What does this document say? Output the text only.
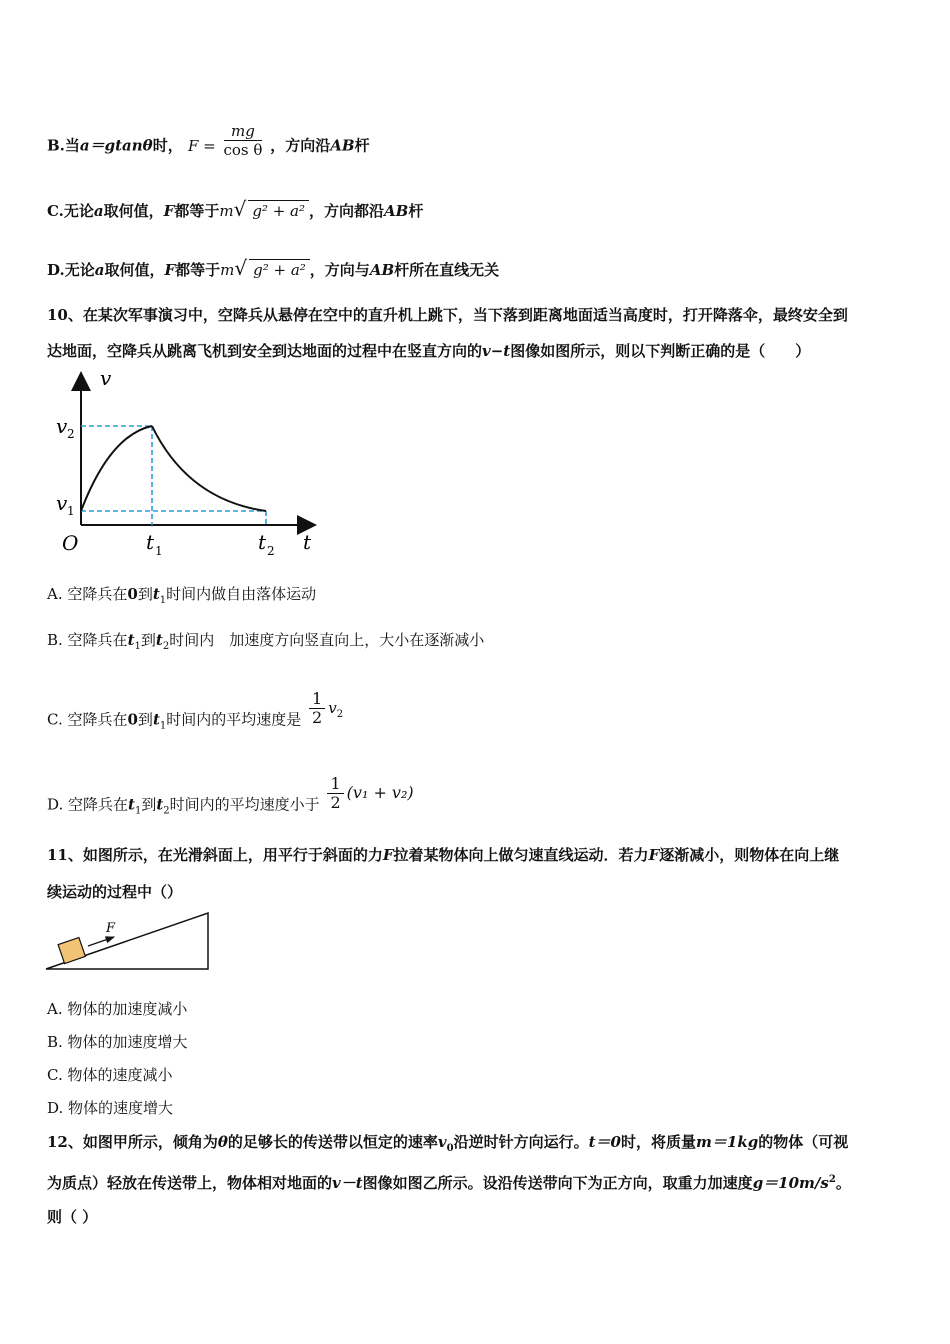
B.当a＝gtanθ时， $F = \frac{mg}{\text{cos θ}}$ ，方向沿AB杆
C.无论a取何值，F都等于m√ g² + a² ，方向都沿AB杆
D.无论a取何值，F都等于m√ g² + a² ，方向与AB杆所在直线无关
10、在某次军事演习中，空降兵从悬停在空中的直升机上跳下，当下落到距离地面适当高度时，打开降落伞，最终安全到
达地面，空降兵从跳离飞机到安全到达地面的过程中在竖直方向的v−t图像如图所示，则以下判断正确的是（　　）
v
v 2
v 1
O	t 1	t 2 t
A. 空降兵在0到$t_1$时间内做自由落体运动
B. 空降兵在$t_1$到$t_2$时间内　加速度方向竖直向上，大小在逐渐减小
C. 空降兵在0到$t_1$时间内的平均速度是 $\frac{1}{2} v_2$
D. 空降兵在$t_1$到$t_2$时间内的平均速度小于 $\frac{1}{2} (v_1 + v_2)$
11、如图所示，在光滑斜面上，用平行于斜面的力F拉着某物体向上做匀速直线运动．若力F逐渐减小，则物体在向上继
续运动的过程中（）
F
A. 物体的加速度减小
B. 物体的加速度增大
C. 物体的速度减小
D. 物体的速度增大
12、如图甲所示，倾角为θ的足够长的传送带以恒定的速率$v_0$沿逆时针方向运行。t＝0时，将质量m＝1kg的物体（可视
为质点）轻放在传送带上，物体相对地面的v－t图像如图乙所示。设沿传送带向下为正方向，取重力加速度$g=10m/s^2$。
则（ ）
